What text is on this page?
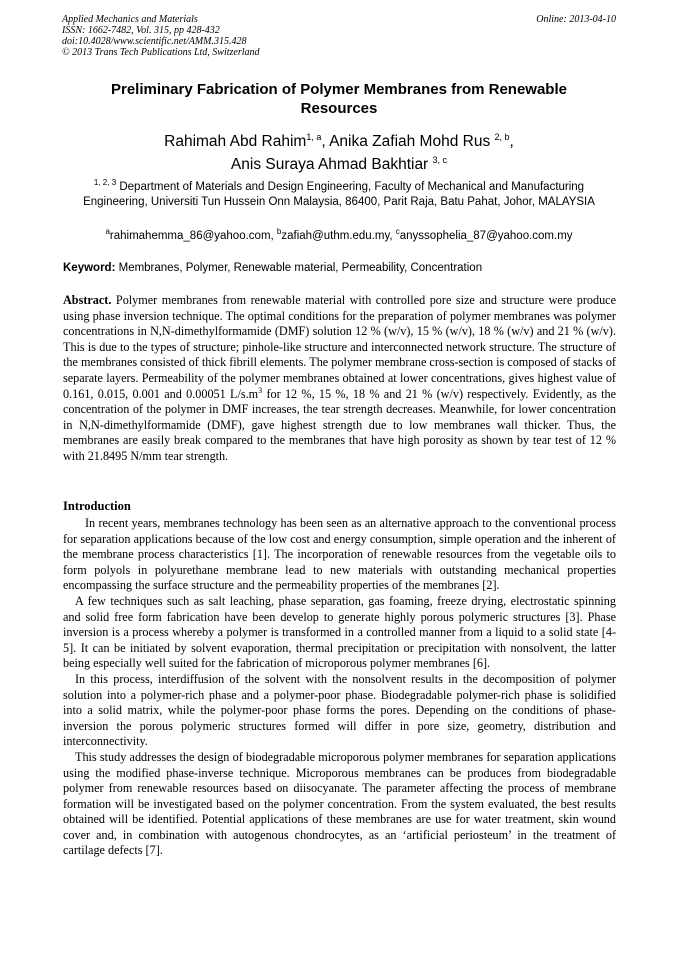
Applied Mechanics and Materials
ISSN: 1662-7482, Vol. 315, pp 428-432
doi:10.4028/www.scientific.net/AMM.315.428
© 2013 Trans Tech Publications Ltd, Switzerland
Online: 2013-04-10
Preliminary Fabrication of Polymer Membranes from Renewable Resources
Rahimah Abd Rahim$^{1, a}$, Anika Zafiah Mohd Rus $^{2, b}$,
Anis Suraya Ahmad Bakhtiar $^{3, c}$
$^{1, 2, 3}$ Department of Materials and Design Engineering, Faculty of Mechanical and Manufacturing Engineering, Universiti Tun Hussein Onn Malaysia, 86400, Parit Raja, Batu Pahat, Johor, MALAYSIA
$^a$rahimahemma_86@yahoo.com, $^b$zafiah@uthm.edu.my, $^c$anyssophelia_87@yahoo.com.my
Keyword: Membranes, Polymer, Renewable material, Permeability, Concentration
Abstract. Polymer membranes from renewable material with controlled pore size and structure were produce using phase inversion technique. The optimal conditions for the preparation of polymer membranes was polymer concentrations in N,N-dimethylformamide (DMF) solution 12 % (w/v), 15 % (w/v), 18 % (w/v) and 21 % (w/v). This is due to the types of structure; pinhole-like structure and interconnected network structure. The structure of the membranes consisted of thick fibrill elements. The polymer membrane cross-section is composed of stacks of separate layers. Permeability of the polymer membranes obtained at lower concentrations, gives highest value of 0.161, 0.015, 0.001 and 0.00051 $L/s.m^3$ for 12 %, 15 %, 18 % and 21 % (w/v) respectively. Evidently, as the concentration of the polymer in DMF increases, the tear strength decreases. Meanwhile, for lower concentration in N,N-dimethylformamide (DMF), gave highest strength due to low membranes wall thicker. Thus, the membranes are easily break compared to the membranes that have high porosity as shown by tear test of 12 % with 21.8495 N/mm tear strength.
Introduction

In recent years, membranes technology has been seen as an alternative approach to the conventional process for separation applications because of the low cost and energy consumption, simple operation and the inherent of the membrane process characteristics [1]. The incorporation of renewable resources from the vegetable oils to form polyols in polyurethane membrane lead to new materials with outstanding mechanical properties encompassing the surface structure and the permeability properties of the membranes [2].

A few techniques such as salt leaching, phase separation, gas foaming, freeze drying, electrostatic spinning and solid free form fabrication have been develop to generate highly porous polymeric structures [3]. Phase inversion is a process whereby a polymer is transformed in a controlled manner from a liquid to a solid state [4-5]. It can be initiated by solvent evaporation, thermal precipitation or precipitation with nonsolvent, the latter being especially well suited for the fabrication of microporous polymer membranes [6].

In this process, interdiffusion of the solvent with the nonsolvent results in the decomposition of polymer solution into a polymer-rich phase and a polymer-poor phase. Biodegradable polymer-rich phase is solidified into a solid matrix, while the polymer-poor phase forms the pores. Depending on the conditions of phase-inversion the porous polymeric structures formed will differ in pore size, geometry, distribution and interconnectivity.

This study addresses the design of biodegradable microporous polymer membranes for separation applications using the modified phase-inverse technique. Microporous membranes can be produces from biodegradable polymer from renewable resources based on diisocyanate. The parameter affecting the process of membrane formation will be investigated based on the polymer concentration. From the system evaluated, the best results obtained will be identified. Potential applications of these membranes are use for water treatment, skin wound cover and, in combination with autogenous chondrocytes, as an ‘artificial periosteum’ in the treatment of cartilage defects [7].
